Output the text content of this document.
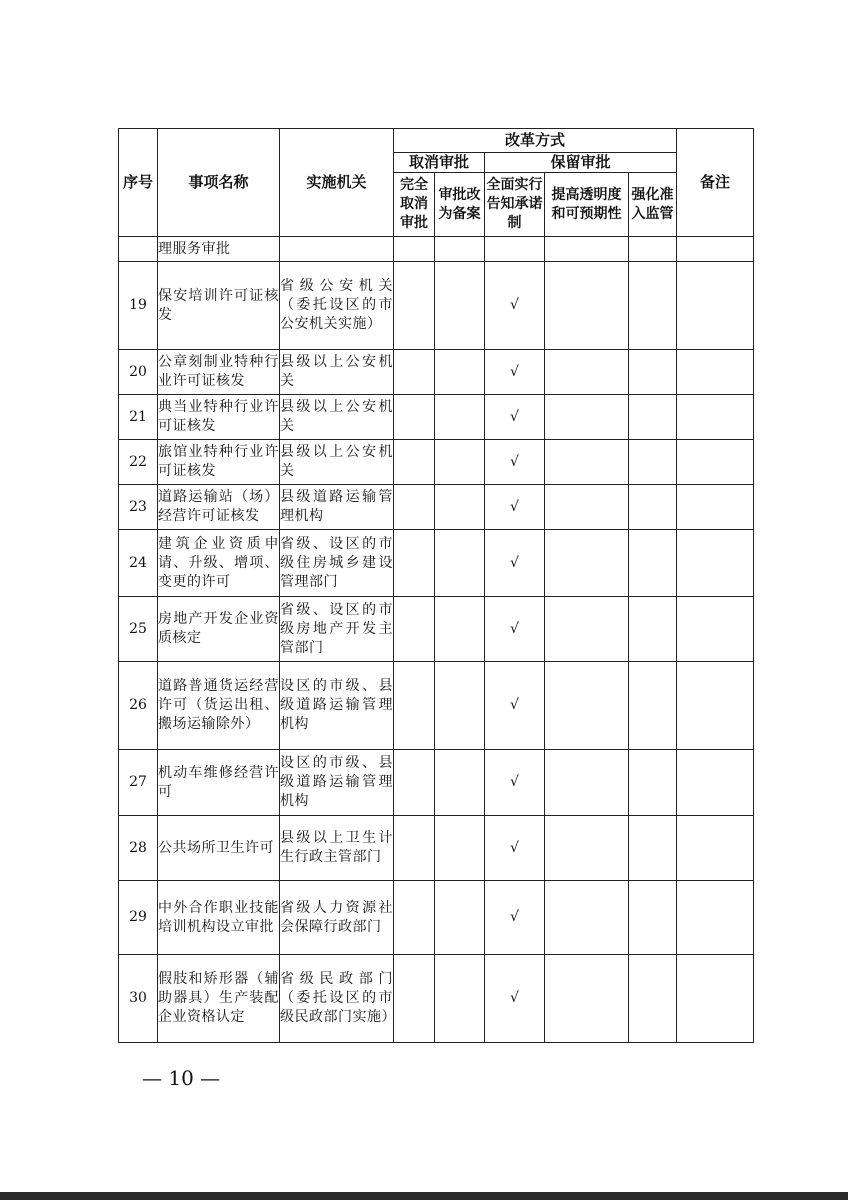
序号	事项名称	实施机关	改革方式					备注
			取消审批		保留审批			
			完全取消审批	审批改为备案	全面实行告知承诺制	提高透明度和可预期性	强化准入监管	
	理服务审批							
19	保安培训许可证核发	省级公安机关（委托设区的市公安机关实施）			√			
20	公章刻制业特种行业许可证核发	县级以上公安机关			√			
21	典当业特种行业许可证核发	县级以上公安机关			√			
22	旅馆业特种行业许可证核发	县级以上公安机关			√			
23	道路运输站（场）经营许可证核发	县级道路运输管理机构			√			
24	建筑企业资质申请、升级、增项、变更的许可	省级、设区的市级住房城乡建设管理部门			√			
25	房地产开发企业资质核定	省级、设区的市级房地产开发主管部门			√			
26	道路普通货运经营许可（货运出租、搬场运输除外）	设区的市级、县级道路运输管理机构			√			
27	机动车维修经营许可	设区的市级、县级道路运输管理机构			√			
28	公共场所卫生许可	县级以上卫生计生行政主管部门			√			
29	中外合作职业技能培训机构设立审批	省级人力资源社会保障行政部门			√			
30	假肢和矫形器（辅助器具）生产装配企业资格认定	省级民政部门（委托设区的市级民政部门实施）			√			
— 10 —
